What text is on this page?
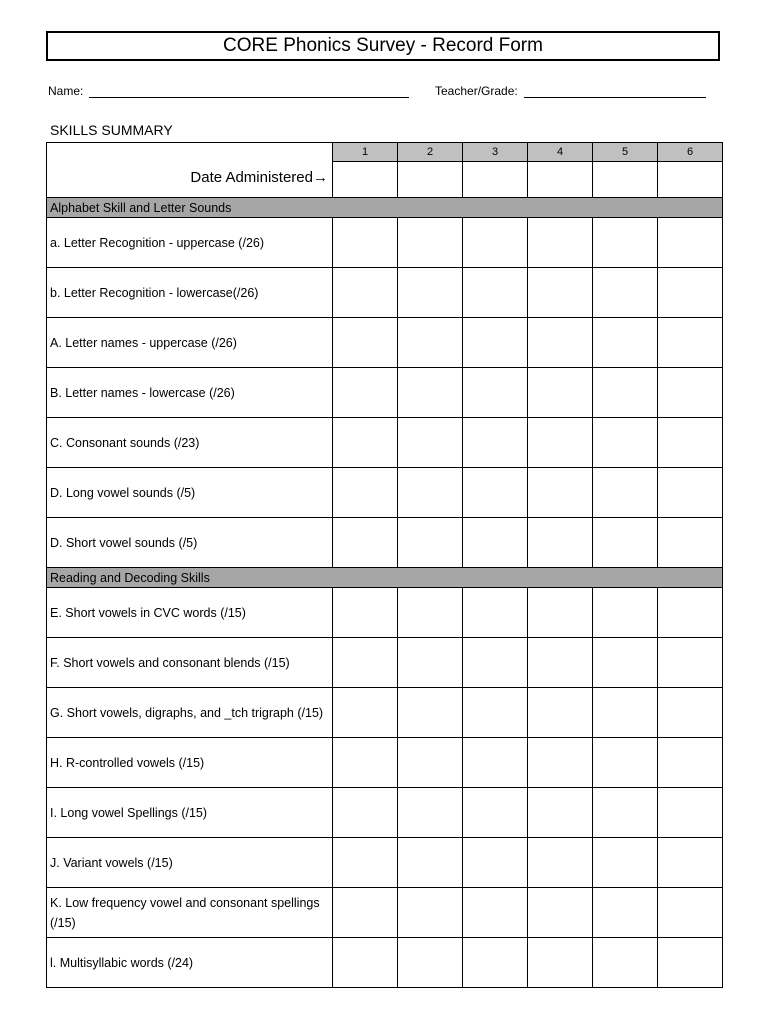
CORE Phonics Survey - Record Form
Name:	Teacher/Grade:
SKILLS SUMMARY
Date Administered→	1	2	3	4	5	6

Alphabet Skill and Letter Sounds						
a. Letter Recognition - uppercase (/26)						
b. Letter Recognition - lowercase(/26)						
A. Letter names - uppercase (/26)						
B. Letter names - lowercase (/26)						
C. Consonant sounds (/23)						
D. Long vowel sounds (/5)						
D. Short vowel sounds (/5)						
Reading and Decoding Skills						
E. Short vowels in CVC words (/15)						
F. Short vowels and consonant blends (/15)						
G. Short vowels, digraphs, and _tch trigraph (/15)						
H. R-controlled vowels (/15)						
I. Long vowel Spellings (/15)						
J. Variant vowels (/15)						
K. Low frequency vowel and consonant spellings (/15)						
l. Multisyllabic words (/24)						
